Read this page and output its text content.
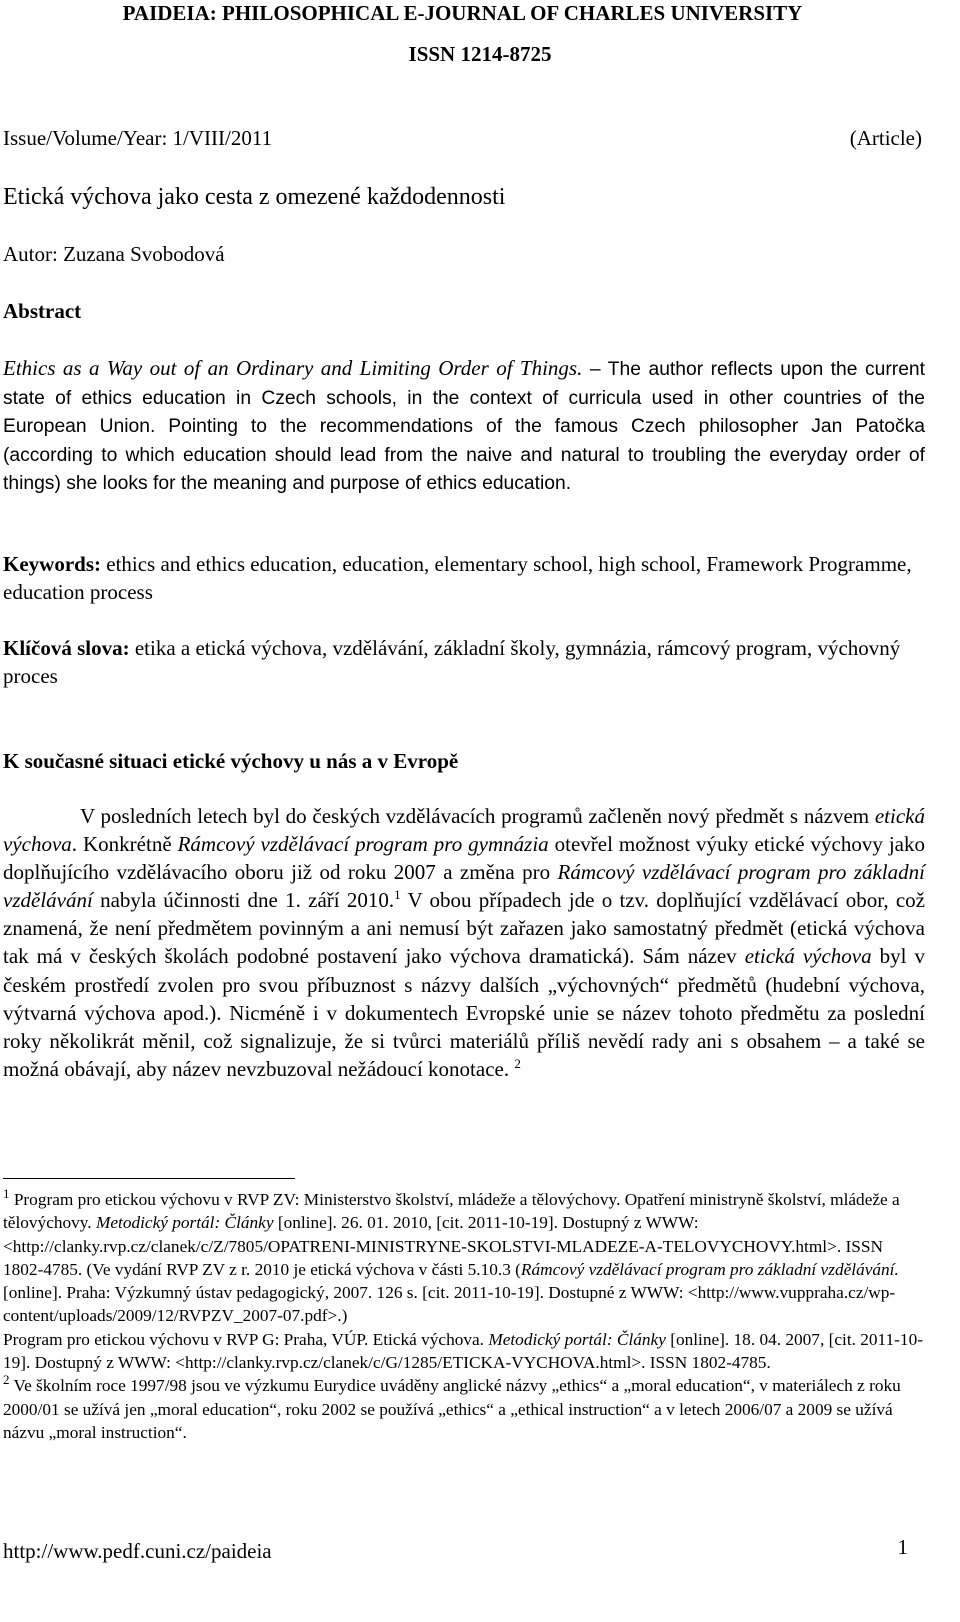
PAIDEIA: PHILOSOPHICAL E-JOURNAL OF CHARLES UNIVERSITY
ISSN 1214-8725
Issue/Volume/Year: 1/VIII/2011	(Article)
Etická výchova jako cesta z omezené každodennosti
Autor: Zuzana Svobodová
Abstract
Ethics as a Way out of an Ordinary and Limiting Order of Things. – The author reflects upon the current state of ethics education in Czech schools, in the context of curricula used in other countries of the European Union. Pointing to the recommendations of the famous Czech philosopher Jan Patočka (according to which education should lead from the naive and natural to troubling the everyday order of things) she looks for the meaning and purpose of ethics education.
Keywords: ethics and ethics education, education, elementary school, high school, Framework Programme, education process
Klíčová slova: etika a etická výchova, vzdělávání, základní školy, gymnázia, rámcový program, výchovný proces
K současné situaci etické výchovy u nás a v Evropě
V posledních letech byl do českých vzdělávacích programů začleněn nový předmět s názvem etická výchova. Konkrétně Rámcový vzdělávací program pro gymnázia otevřel možnost výuky etické výchovy jako doplňujícího vzdělávacího oboru již od roku 2007 a změna pro Rámcový vzdělávací program pro základní vzdělávání nabyla účinnosti dne 1. září 2010.$^1$ V obou případech jde o tzv. doplňující vzdělávací obor, což znamená, že není předmětem povinným a ani nemusí být zařazen jako samostatný předmět (etická výchova tak má v českých školách podobné postavení jako výchova dramatická). Sám název etická výchova byl v českém prostředí zvolen pro svou příbuznost s názvy dalších „výchovných“ předmětů (hudební výchova, výtvarná výchova apod.). Nicméně i v dokumentech Evropské unie se název tohoto předmětu za poslední roky několikrát měnil, což signalizuje, že si tvůrci materiálů příliš nevědí rady ani s obsahem – a také se možná obávají, aby název nevzbuzoval nežádoucí konotace. $^2$

$^1$ Program pro etickou výchovu v RVP ZV: Ministerstvo školství, mládeže a tělovýchovy. Opatření ministryně školství, mládeže a tělovýchovy. Metodický portál: Články [online]. 26. 01. 2010, [cit. 2011-10-19]. Dostupný z WWW: <http://clanky.rvp.cz/clanek/c/Z/7805/OPATRENI-MINISTRYNE-SKOLSTVI-MLADEZE-A-TELOVYCHOVY.html>. ISSN 1802-4785. (Ve vydání RVP ZV z r. 2010 je etická výchova v části 5.10.3 (Rámcový vzdělávací program pro základní vzdělávání. [online]. Praha: Výzkumný ústav pedagogický, 2007. 126 s. [cit. 2011-10-19]. Dostupné z WWW: <http://www.vuppraha.cz/wp-content/uploads/2009/12/RVPZV_2007-07.pdf>.)

Program pro etickou výchovu v RVP G: Praha, VÚP. Etická výchova. Metodický portál: Články [online]. 18. 04. 2007, [cit. 2011-10-19]. Dostupný z WWW: <http://clanky.rvp.cz/clanek/c/G/1285/ETICKA-VYCHOVA.html>. ISSN 1802-4785.

$^2$ Ve školním roce 1997/98 jsou ve výzkumu Eurydice uváděny anglické názvy „ethics“ a „moral education“, v materiálech z roku 2000/01 se užívá jen „moral education“, roku 2002 se používá „ethics“ a „ethical instruction“ a v letech 2006/07 a 2009 se užívá názvu „moral instruction“.

http://www.pedf.cuni.cz/paideia	1
